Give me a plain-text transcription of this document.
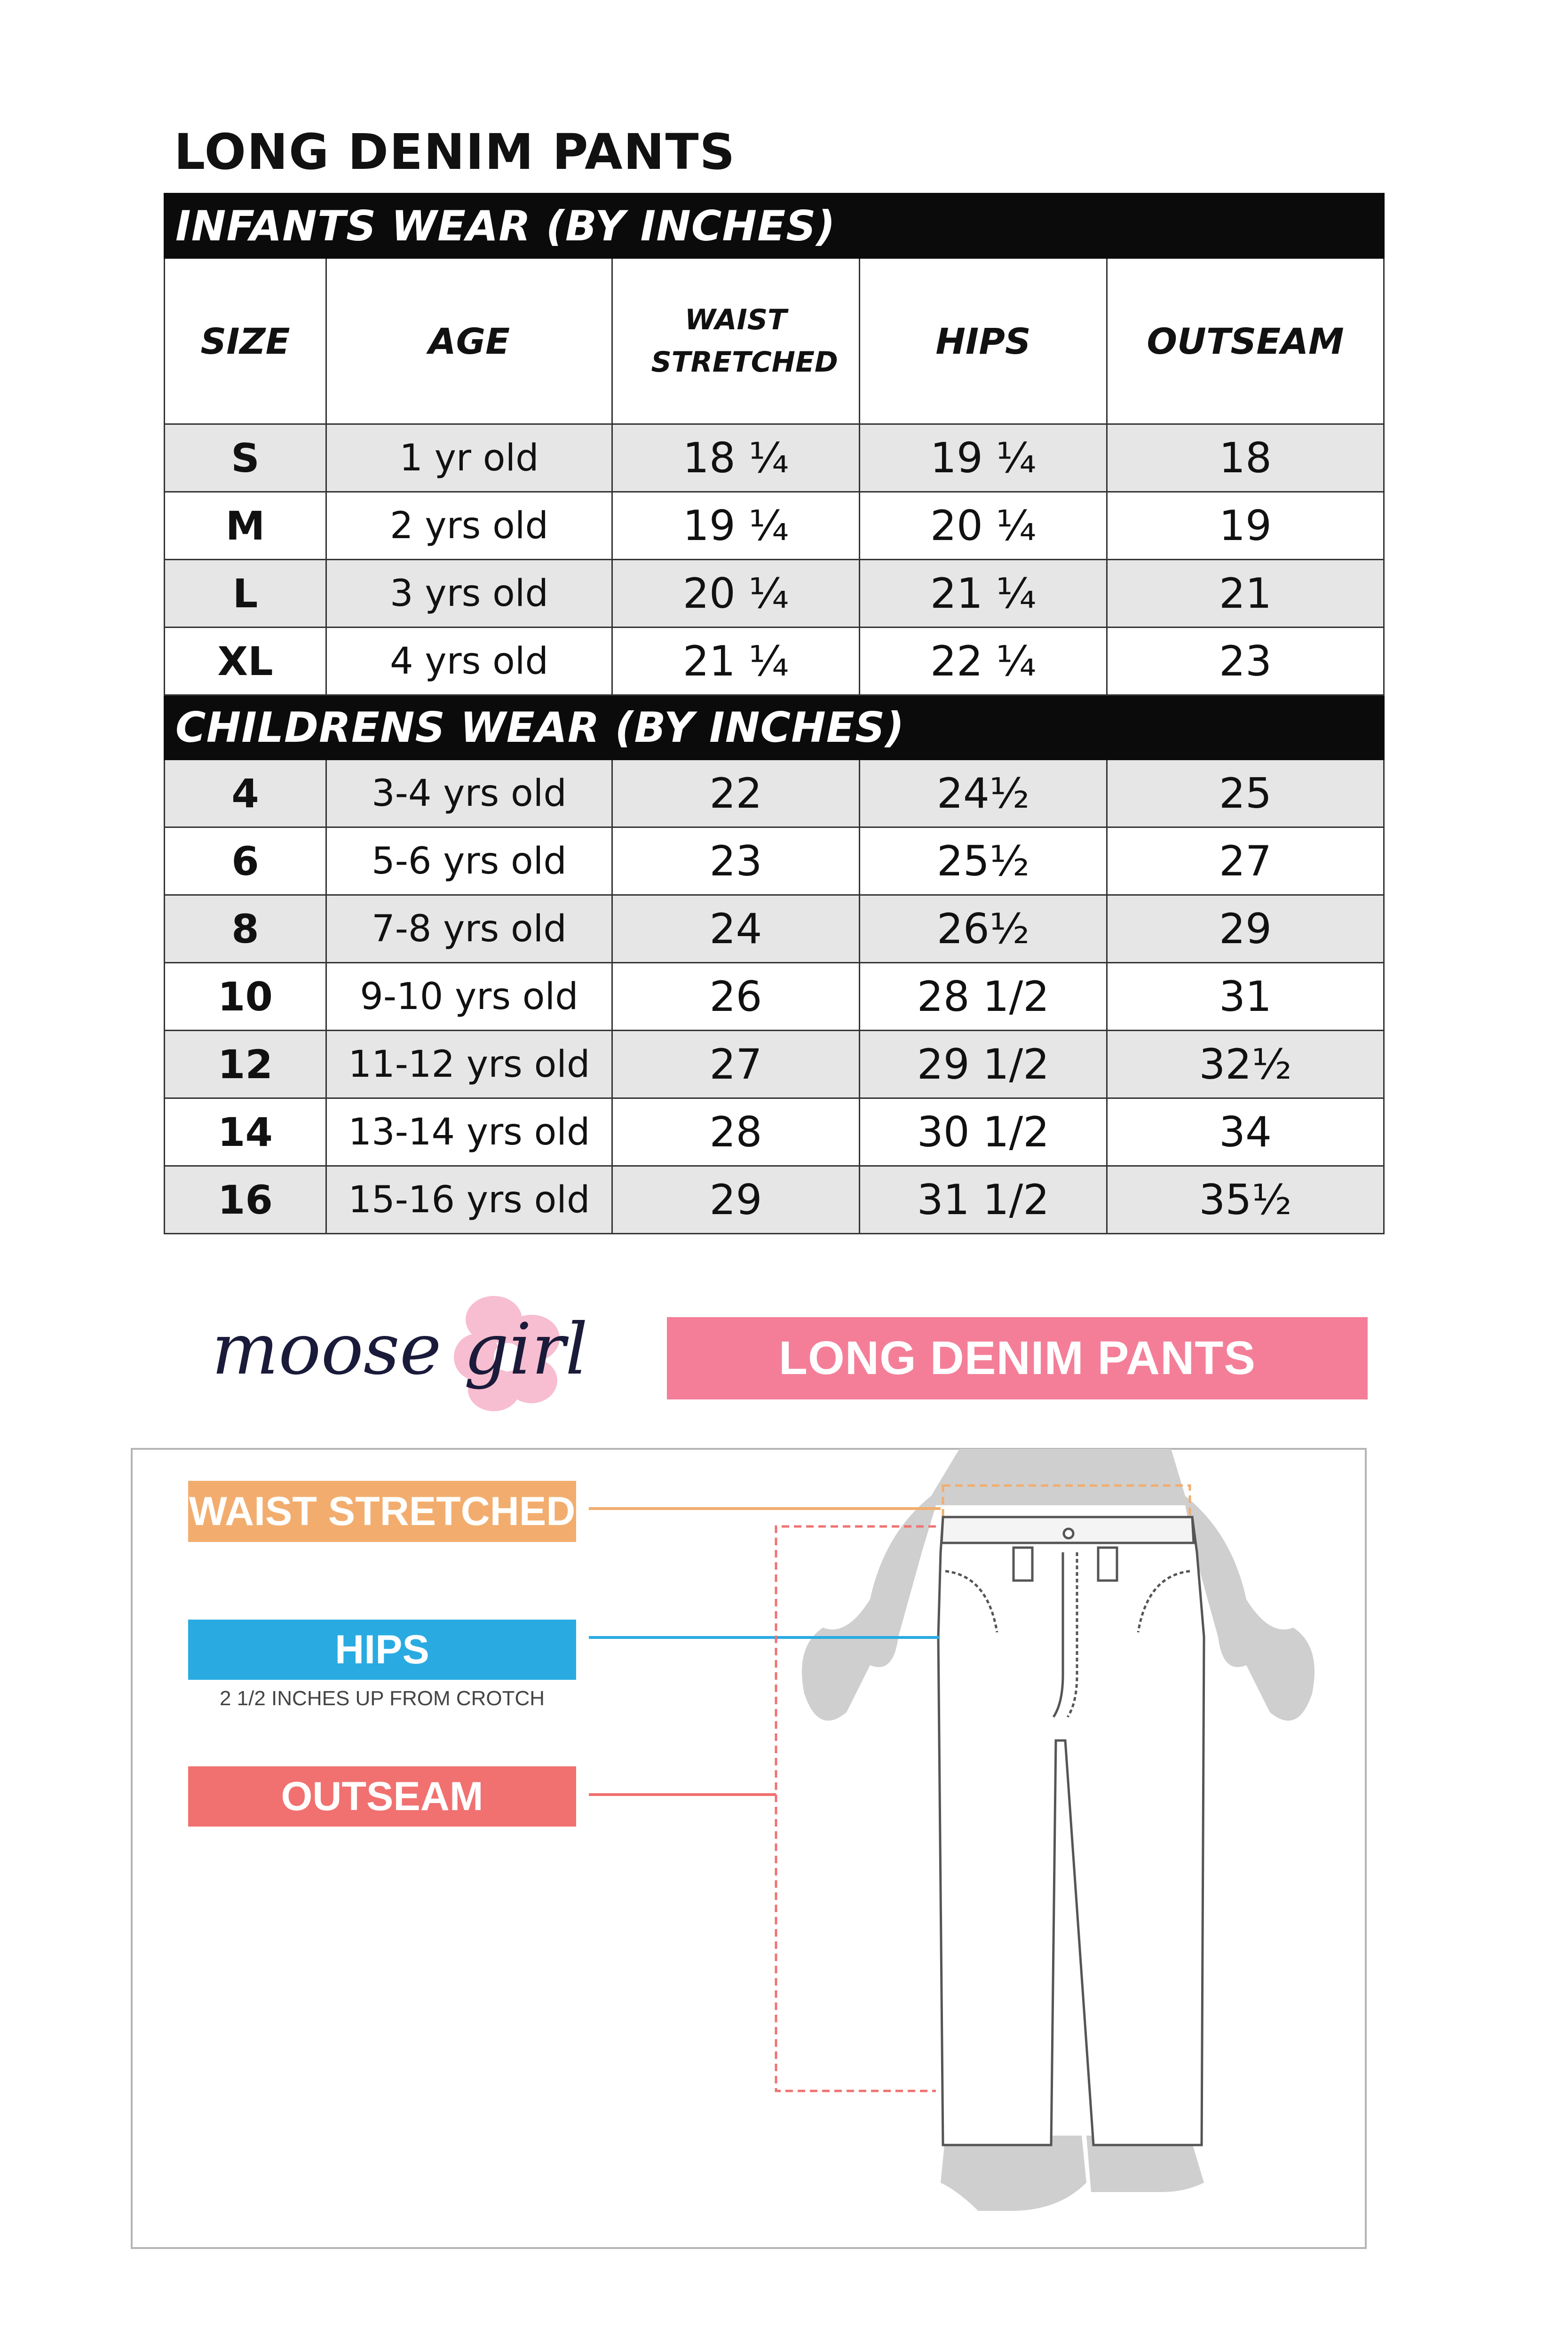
LONG DENIM PANTS
INFANTS WEAR (BY INCHES)				
SIZE	AGE	WAIST STRETCHED	HIPS	OUTSEAM
S	1 yr old	18 ¼	19 ¼	18
M	2 yrs old	19 ¼	20 ¼	19
L	3 yrs old	20 ¼	21 ¼	21
XL	4 yrs old	21 ¼	22 ¼	23
CHILDRENS WEAR (BY INCHES)				
4	3-4 yrs old	22	24½	25
6	5-6 yrs old	23	25½	27
8	7-8 yrs old	24	26½	29
10	9-10 yrs old	26	28 1/2	31
12	11-12 yrs old	27	29 1/2	32½
14	13-14 yrs old	28	30 1/2	34
16	15-16 yrs old	29	31 1/2	35½
moose girl	LONG DENIM PANTS
WAIST STRETCHED
HIPS
2 1/2 INCHES UP FROM CROTCH
OUTSEAM
